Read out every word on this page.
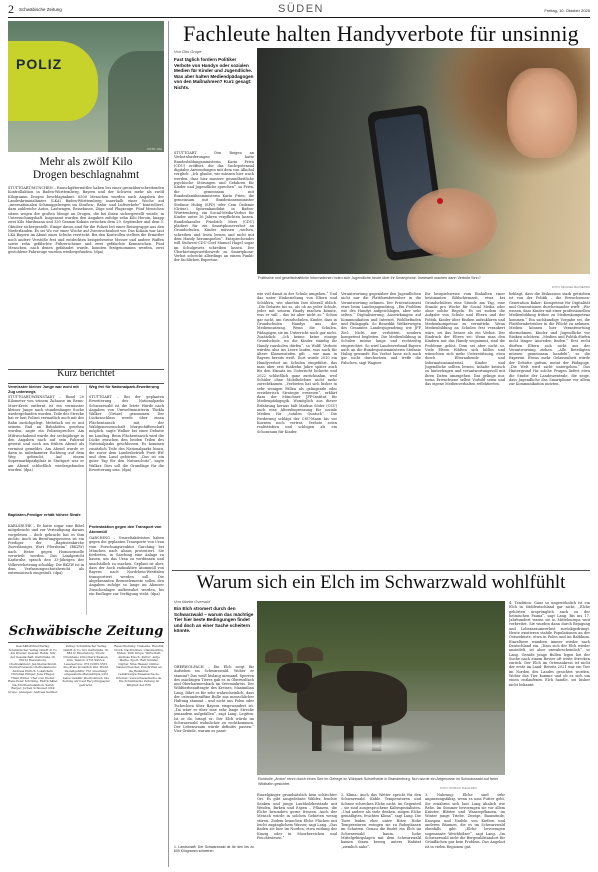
2 Schwäbische Zeitung	SÜDEN	Freitag, 10. Oktober 2025
POLIZ
FOTO: LKA
Mehr als zwölf Kilo Drogen beschlagnahmt
STUTTGART/MÜNCHEN – Rauschgiftermittler haben bei einer grenzüberschreitenden Kontrollaktion in Baden-Württemberg, Bayern und der Schweiz mehr als zwölf Kilogramm Drogen beschlagnahmt. 6500 Menschen wurden nach Angaben der Landeskriminalämter (LKA) Baden-Württemberg innerhalb einer Woche auf „internationalen Schmuggelwegen im Straßen-, Bahn- und Luftverkehr“ kontrolliert, dazu zahlreiche Autos, Lastwagen, Reisebusse, Züge und Flugzeuge. Fünf Menschen sitzen wegen der großen Menge an Drogen, die bei ihnen sichergestellt wurde, in Untersuchungshaft. Insgesamt wurden den Angaben zufolge zehn Kilo Heroin, knapp zwei Kilo Marihuana und 330 Gramm Kokain zwischen dem 29. September und dem 5. Oktober sichergestellt. Einige davon sind für die Polizei bei einer Reisegruppe aus den Niederlanden. Es sei Wo vor einer Woche auf Zweiwochenheit vor. Das Kokain war laut LKA Bayern im Abaut eines Schuhs versteckt. Bei den Kontrollen stellten die Ermittler noch andere Verstöße fest und entdeckten beispielsweise Messer und andere Waffen sowie zehn gefälschte Führerscheine und zwei gefälschte Kennzeichen. Fünf Menschen, nach denen gefahndet wurde, konnten festgenommen werden, zwei gestohlene Fahrzeuge wurden wiedergefunden. (dpa)
Kurz berichtet
Vermisster kleiner Junge war wohl mit Zug unterwegs
STUTTGART/WEINSTADT – Rund 20 Kilometer von seinem Zuhause im Rems-Murr-Kreis entfernt ist ein vermisster kleiner Junge nach stundenlanger Suche wiedergefunden worden. Teile der Strecke hat er laut Polizei vermutlich auch mit der Bahn zurückgelegt. Mehrfach sei er mit seinem Rad an Bahnhöfen gesehen worden, sagte ein Polizeisprecher. Am Mittwochabend wurde der sechsjährige in den Angaben nach auf sein Fahrrad gesetzt und noch am frühen Abend als vermisst gemeldet. Am Abend wurde er dann in unbekannter Richtung auf dem Weg gebracht. Auf einem Supermarktparkplatz in Stuttgart war er am Abend schließlich wiedergefunden worden. (dpa)
Baptisten-Prediger erhält höhere Strafe
KARLSRUHE – Er hatte sogar eine Bibel mitgebracht und zur Verteidigung daraus vorgelesen – doch gebracht hat es ihm nichts: Auch im Berufungsprozess ist ein Prediger der „Baptistenkirche Zuverlässiges Wort Pforzheim“ (BKZW) nach Hetze gegen Homosexuelle verurteilt worden. Das Landgericht Karlsruhe sprach den 33-Jährigen der Volksverhetzung schuldig. Die BKZW ist in dem Verfassungsschutzbericht als extremistisch eingestuft. (dpa)
Weg frei für Nationalpark-Erweiterung
STUTTGART – Bei der geplanten Erweiterung des Nationalparks Schwarzwald ist die letzte Hürde nach Angaben von Umweltministerin Thekla Walker (Grüne) genommen. Der Lückenschluss werde über einen Flächentausch mit der Waldgenossenschaft Murgschifferschaft möglich, sagte Walker bei einer Debatte im Landtag. Beim Flächentausch wird die Lücke zwischen den beiden Teilen des Nationalparks geschlossen. Es kommen zusätzlich Teile des Nationalparks hinzu, die zuvor dem Landesbetrieb Forst BW und dem Land gehörten. „Das ist ein guter Tag für den Naturschutz“, sagte Walker. Dies soll die Grundlage für die Erweiterung sein. (dpa)
Protestaktion gegen den Transport von Atommüll
GARCHING – Umweltaktivisten haben gegen die geplanten Transporte von Uran vom Forschungsreaktor Garching bei München nach Ahaus protestiert. Sie forderten, in Garching eine Anlage zu bauen, um das Uran zu verdünnen und unschädlich zu machen. Geplant ist aber, dass der hoch radioaktive Atommüll von Bayern nach Nordrhein-Westfalen transportiert werden soll. Die abgebrannten Brennelemente sollen den Angaben zufolge so lange im Ahauser Zwischenlager aufbewahrt werden, bis ein Endlager zur Verfügung steht. (dpa)
Schwäbische Zeitung
Geschäftsführer/Verlag: Schwäbischer Verlag GmbH & Co. KG Drexler, Gessler, Rehm. Sitz der Gesellschaft: Karlstraße 16, 88212 Ravensburg. Chefredakteur: Jan Kleinschmidt. Stellvertretende Chefredakteure: Andreas Ehrlich. Lokalchefs: Christian Pflüger, Jens Pfluger, Timm Witzel. Chef vom Dienst: Hans Peter Schöning, Ralf Schäfer. Nachrichtenredaktion: Sarah Berger, Jochen Schlosser, Dirk Grupe. Anzeigen: Andreas Sellmer.
Verlag: Schwäbischer Verlag GmbH & Co. KG, Karlstraße 16, 88212 Ravensburg. Druck: Druckhaus Ulm-Oberschwaben, Ulm. Telefon: 0751/2955-0. Leserservice: 0751/2955-5555. Abo-Preis monatlich inkl. MwSt. Zustellgebühr. Für unverlangt eingesandte Manuskripte wird keine Gewähr übernommen. Die Zeitung wird auf Recyclingpapier gedruckt.
Ressortleitung: Titelseite: Hendrik Groth. Nachrichten: Claudia Kling. Süden: Dirk Grupe. Wirtschaft: Andreas Knoch. Kultur: Antje Merke. Sport: Ralf Schäfer. Digital: Nina Hauser. Online: Daniel Drescher. Zuschriften an die Redaktion: redaktion@schwaebische.de. Internet: www.schwaebische.de. Die Schwäbische Zeitung ist Mitglied der IVW.
Fachleute halten Handyverbote für unsinnig
Von Dirk Grupe
Fast täglich fordern Politiker Verbote von Handys oder sozialen Medien für Kinder und Jugendliche. Was aber halten Mediendpädagogen von den Maßnahmen? Kurz gesagt: Nichts.
STUTTGART – Den Reigen an Verbotsforderungen hatte Bundesbildungsministerin Karin Prien (CDU) eröffnet, die das Suchtpotenzial digitaler Anwendungen mit dem von Alkohol verglich: „Ich glaube, wir müssen hier wach werden, dass hier massive gesundheitliche psychische Störungen und Gefahren für Kinder und Jugendliche sprechen“, so Prien, die gemeinsam mit Bundesfamilienministerin Karin Prien, die gemeinsam mit Bundesinnenminister Stefanie Hubig (SPD) oder Cem Özdemir (Grüne), Spitzenkandidat in Baden-Württemberg, ein Social-Media-Verbot für Kinder unter 16 Jahren verpflichten lassen. Bundeskanzler Friedrich Merz (CDU) plädiert für ein Smartphoneverbot an Grundschulen, Kinder müssen „wichen, schreiben und lesen lernen und nicht mit dem Handy herumspielen“. Entsprechendes will Südwest-CDU-Chef Manuel Hagel sogar im Schulgesetz schreiben lassen. Der Überbietungswettbewerb zu Smartphone-Verbot schreckt allerdings an einem Punkt: der fachlichen Expertise.
Politische und gesellschaftliche Informationen holen sich Jugendliche heute über ihr Smartphone. Inwieweit machen dann Verbote Sinn?
FOTO: MICHAEL BAUSE/DPA
wie viel damit in der Schule umgehen.“ Und das unter Einbeziehung von Eltern und Schülern, wie ohnehin fast überall üblich. „Die Debatte tut so, als ob an jeder Schule, jeder mit seinem Handy machen könnte, was er will – das ist aber nicht so.“ Schon gar nicht, um Grundschulen, Kinder, dass in Grundschulen Handys aus der Mediennutzung. Wenn die Schulen, Pädagogen sie im Unterricht noch gar nicht. Zusätzlich: „Ich kenne keine einzige Grundschule, wo die Kinder ständig ihr Handy rausholen dürfen“, so Wolff. Verbote würden also ins Leere laufen, was auch für ältere Klassenstufen gilt – wie man in Bayern bereits weiß. Dort wurde 2010 ein Handyverbot an Schulen eingeführt, das man aber erst fünfzehn Jahre später auch für den Einsatz im Unterricht lockerte und 2022 schließlich ganz zurücknahm, weil Schüler ohne Mobiltelefone nicht mehr zurechtkamen. „Verbieten hat sich bisher in sehr wenigen Fällen als gelingende oder erzieherisch Strategie erwiesen“, erklärt dazu der Münchner JFF-Institut für Medienpädagogik. Womöglich aus dieser Erfahrung heraus hält Markus Söder (CSU) auch eine Altersbegrenzung für soziale Medien für „totalen Quatsch“. Die Forderung schlägt der CSU-Mann bis vor Kurzem noch vertrat, Verbote seien realitätsfern und schlugen als ein Schonraum für Kinder.
Verantwortung gegenüber den Jugendlichen nicht nur die Plattformbetreiber in die Verantwortung nehmen. Der Präventionsrat etwa beim Landesjugendring. „Ein Problem wie des Handys aufgeschlagen, aber sehr selten.“ Digitalisierung, Auswirkungen auf Kommunikation und Internet, Wohlbefinden und Pädagogik. So Benedikt Welkerwegen des Gesamtes Landesjugendring wie JFF Ziel: Nicht nur verbieten, sondern kompetent begleiten. Die Medienbildung in Schulen müsse lange und rechtzeitig eingerichtet. So wird Landesverband Bayern auch an die Bundesjustizministerin Stefanie Hubig gewandt: Ein Verbot lasse sich auch gar nicht durchsetzen und treffe die Falschen, sagt Wagner.
Ihr beispielsweise vom Einhalten einer bestimmten Bildschirmzeit, etwa bei Grundschülern eine Stunde am Tag, eine Stunde pro Woche für Social Media oder ohne solche Regeln. Es sei zudem die Aufgabe von Schule und Eltern und der Politik, Kinder über Risiken aufzuklären und Medienkompetenz zu vermitteln. Wenn Medienbildung an Schulen fest verankert wäre, sei das besser als ein Verbot. Der Eindruck der Eltern sei: Wenn man den Kindern nur das Handy wegnimmt, sind die Probleme gelöst. Dem sei aber nicht so. Viele Eltern fühlten sich hilflos und wünschten sich mehr Unterstützung, etwa durch Elternabende und Informationsmaterial. Kinder und Jugendliche sollten lernen, Inhalte kritisch zu hinterfragen und verantwortungsvoll mit ihren Daten umzugehen. Das gelinge nur, wenn Erwachsene selbst Vorbild seien und das eigene Medienverhalten reflektierten.
beklagt, dass die Diskussion stark getrieben ist von der Politik – die Erwachsenen-Generation Baker: Kompetenz für Digitalität und Generationen durcheinander wirft: „Wir wissen, dass Kinder mit einer professionellen Medienbildung früher zu Medienkompetenz kommen.“ Ein sachkundige Vorgabe sei, die Plattformbetreiber in die Pflicht zu nehmen. Medien können hier Verantwortung übernehmen, Kinder und Jugendliche vor Risiken schützen. „Medien und Politik dürfen nicht länger Ausreden finden.“ Erst recht dürften Eltern sich nicht aus der Verantwortung ziehen. „Alle Beteiligten müssen gemeinsam handeln“, so die Expertin. Etwas mehr Gelassenheit würde der Debatte guttun, meint der Pädagoge. „Die Welt wird nicht untergehen.“ Das Hintergrund für solche Fragen liefert etwa die Studie der Landeszentrale, die zeige, dass Jugendliche das Smartphone vor allem zur Kommunikation nutzten.
Warum sich ein Elch im Schwarzwald wohlfühlt
Von Martin Oversohl
Ein Elch stromert durch den Schwarzwald – warum das mächtige Tier hier beste Bedingungen findet und doch an einer Sache scheitern könnte.
OBERWOLFACH – Ein Elch sorgt für Aufsehen im Schwarzwald. Woher er stammt? Das weiß bislang niemand. Sperren des mächtigen Tieres gab es in Oberwolfach und Oberharmersbach im Ortenaukreis. Der Wildtierbeauftragte des Kreises, Maximilian Lang, fährt es für sehr wahrscheinlich, dass der ostwanderaffine Bulle aus menschlicher Haltung stammt – und nicht aus Polen oder Tschechien über Bayern eingewandert ist. „Da wäre er über eine sehr lange Strecke jemandem aufgefallen“, sagt Lang. Legitim: Ist er da, bringt er: Der Elch würde im Schwarzwald wohnlicher zu rechtkommen. Der Lebensraum würde definitiv passen.“ Vier Gründe, warum es passt:
1. Landschaft: Der Schwarzwald ist für den bis zu 600 Kilogramm schweren
Elchbulle „Anton“ rennt durch einen See im Gehege im Wildpark Schorfheide in Brandenburg. Nun wurde ein Artgenosse im Schwarzwald auf freier Wildbahn gesichtet.
FOTO: PATRICK PLEUL/DPA
Einzelgänger grundsätzlich kein schlechter Ort. Es gibt ausgedehnte Wälder, feuchte Senken und junge Laubholzbestände mit Weiden, Birken und Espen – Pflanzen, die Elche besonders gerne fressen. Auch der Mensch würde in solchen Gebieten wenig stören. Zudem brauchen Elche Flächen mit leicht zugänglichem Wasser, sagt Lang. „Das finden sie hier im Norden, etwa entlang der Kinzig oder in Moorbereichen und Feuchtwiesen.“
2. Klima: Auch das Wetter spricht für den Schwarzwald. Kühle Temperaturen und Schnee schrecken Elche nicht, im Gegenteil – sie sind ausgesprochene Kältespezialisten. „Und andere als viele denken, mögen Elche gemäßigtes, feuchtes Klima“, sagt Lang. Die Tiere leiden eher unter Hitze. Hohe Temperaturen zwingen sie zu Ruhephasen im Schatten. Genau die findet ein Elch im Schwarzwald kaum, hohe Mittelgebirgslagen mit dem Schwarzwald kamen ihnen beweg unters Habitat „ziemlich nahe“.
3. Nahrung: Elche sind sehr anpassungsfähig, wenn es ums Futter geht. Sie ernähren sich laut Lang ähnlich wie Rehe. Im Sommer bevorzugen sie vor allem Kräuter, Blätter und Wasserpflanzen, im Winter junge Triebe, Zweige, Baumrinde, Knospen und Nadeln von Kiefern und anderen Bäumen, die es im Schwarzwald ebenfalls gibt. „Elche bevorzugen sogenannte Weichhölzer“, sagt Lang. „Im Schwarzwald nicht die Bergwaldstandort für Grünflächen gar kein Problem. Das Angebot ist in vielen Regionen gut.
4. Tradition: Ganz so ungewöhnlich ist ein Elch in Süddeutschland gar nicht. „Elche gehörten ursprünglich auch zu der heimischen Fauna“, sagt Lang. Bis ins 17. Jahrhundert waren sie in Mitteleuropa weit verbreitet. Sie wurden dann durch Bejagung und Lebensraumverlust zurückgedrängt. Heute existieren stabile Populationen an der Ostseeküste, etwa in Polen und im Baltikum. Einzeltiere wandern immer wieder nach Deutschland ein. „Dass sich der Elch wieder ansiedelt, ist aber unwahrscheinlich“, so Lang. Gerade junge Bullen legen bei der Suche nach einem Revier oft weite Strecken zurück. Der Elch im Ortenaukreis ist nicht der erste im Land: Bereits 2021 war ein Tier im Norden des Landes gesichtet worden. Woher das Tier komme und ob es sich um einen entlaufenen Elch handle, sei bisher nicht bekannt.
